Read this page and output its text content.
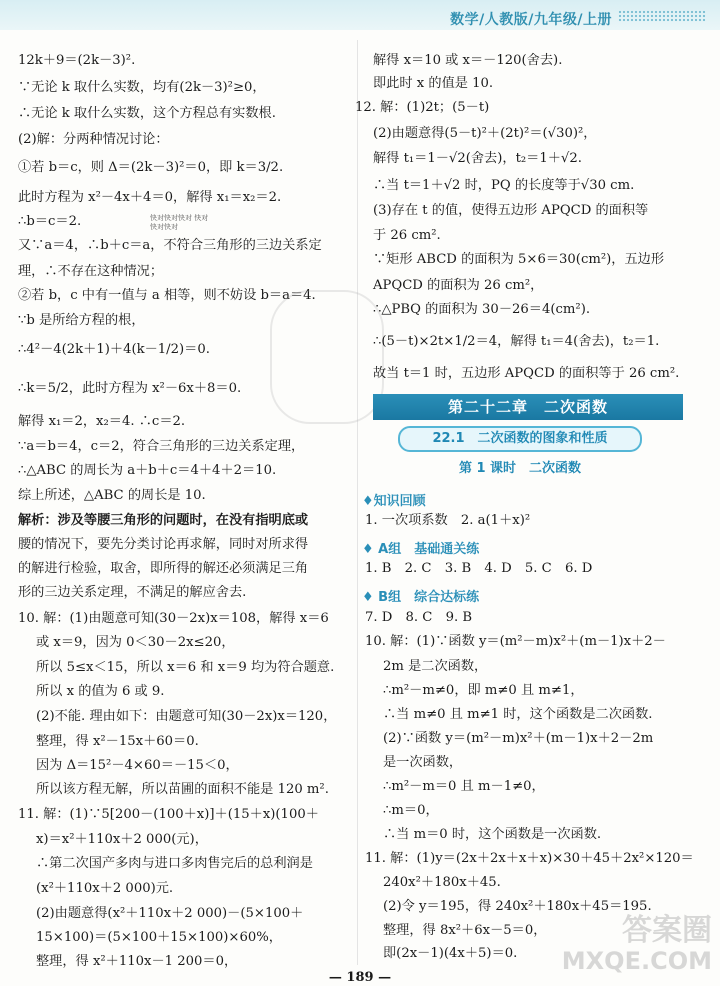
数学/人教版/九年级/上册
12k＋9＝(2k－3)².
∵无论 k 取什么实数，均有(2k－3)²≥0，
∴无论 k 取什么实数，这个方程总有实数根.
(2)解：分两种情况讨论：
①若 b＝c，则 Δ＝(2k－3)²＝0，即 k＝3/2.
此时方程为 x²－4x＋4＝0，解得 x₁＝x₂＝2.
∴b＝c＝2.
又∵a＝4，∴b＋c＝a，不符合三角形的三边关系定
理，∴不存在这种情况；
②若 b，c 中有一值与 a 相等，则不妨设 b＝a＝4.
∵b 是所给方程的根，
∴4²－4(2k＋1)＋4(k－1/2)＝0.
∴k＝5/2，此时方程为 x²－6x＋8＝0.
解得 x₁＝2，x₂＝4. ∴c＝2.
∵a＝b＝4，c＝2，符合三角形的三边关系定理，
∴△ABC 的周长为 a＋b＋c＝4＋4＋2＝10.
综上所述，△ABC 的周长是 10.
解析：涉及等腰三角形的问题时，在没有指明底或
腰的情况下，要先分类讨论再求解，同时对所求得
的解进行检验，取舍，即所得的解还必须满足三角
形的三边关系定理，不满足的解应舍去.
10. 解：(1)由题意可知(30－2x)x＝108，解得 x＝6
或 x＝9，因为 0＜30－2x≤20，
所以 5≤x＜15，所以 x＝6 和 x＝9 均为符合题意.
所以 x 的值为 6 或 9.
(2)不能. 理由如下：由题意可知(30－2x)x＝120，
整理，得 x²－15x＋60＝0.
因为 Δ＝15²－4×60＝－15＜0，
所以该方程无解，所以苗圃的面积不能是 120 m².
11. 解：(1)∵5[200－(100＋x)]＋(15＋x)(100＋
x)＝x²＋110x＋2 000(元)，
∴第二次国产多肉与进口多肉售完后的总利润是
(x²＋110x＋2 000)元.
(2)由题意得(x²＋110x＋2 000)－(5×100＋
15×100)＝(5×100＋15×100)×60%，
整理，得 x²＋110x－1 200＝0，
快对快对快对 快对快对快对
解得 x＝10 或 x＝－120(舍去).
即此时 x 的值是 10.
12. 解：(1)2t；(5－t)
(2)由题意得(5－t)²＋(2t)²＝(√30)²，
解得 t₁＝1－√2(舍去)，t₂＝1＋√2.
∴当 t＝1＋√2 时，PQ 的长度等于√30 cm.
(3)存在 t 的值，使得五边形 APQCD 的面积等
于 26 cm².
∵矩形 ABCD 的面积为 5×6＝30(cm²)，五边形
APQCD 的面积为 26 cm²，
∴△PBQ 的面积为 30－26＝4(cm²).
∴(5－t)×2t×1/2＝4，解得 t₁＝4(舍去)，t₂＝1.
故当 t＝1 时，五边形 APQCD 的面积等于 26 cm².
第二十二章　二次函数
22.1　二次函数的图象和性质
第 1 课时　二次函数
♦知识回顾
1. 一次项系数　2. a(1＋x)²
♦ A组　基础通关练
1. B　2. C　3. B　4. D　5. C　6. D
♦ B组　综合达标练
7. D　8. C　9. B
10. 解：(1)∵函数 y＝(m²－m)x²＋(m－1)x＋2－
2m 是二次函数，
∴m²－m≠0，即 m≠0 且 m≠1，
∴当 m≠0 且 m≠1 时，这个函数是二次函数.
(2)∵函数 y＝(m²－m)x²＋(m－1)x＋2－2m
是一次函数，
∴m²－m＝0 且 m－1≠0，
∴m＝0，
∴当 m＝0 时，这个函数是一次函数.
11. 解：(1)y＝(2x＋2x＋x＋x)×30＋45＋2x²×120＝
240x²＋180x＋45.
(2)令 y＝195，得 240x²＋180x＋45＝195.
整理，得 8x²＋6x－5＝0，
即(2x－1)(4x＋5)＝0.
答案圈
MXQE.COM
— 189 —
